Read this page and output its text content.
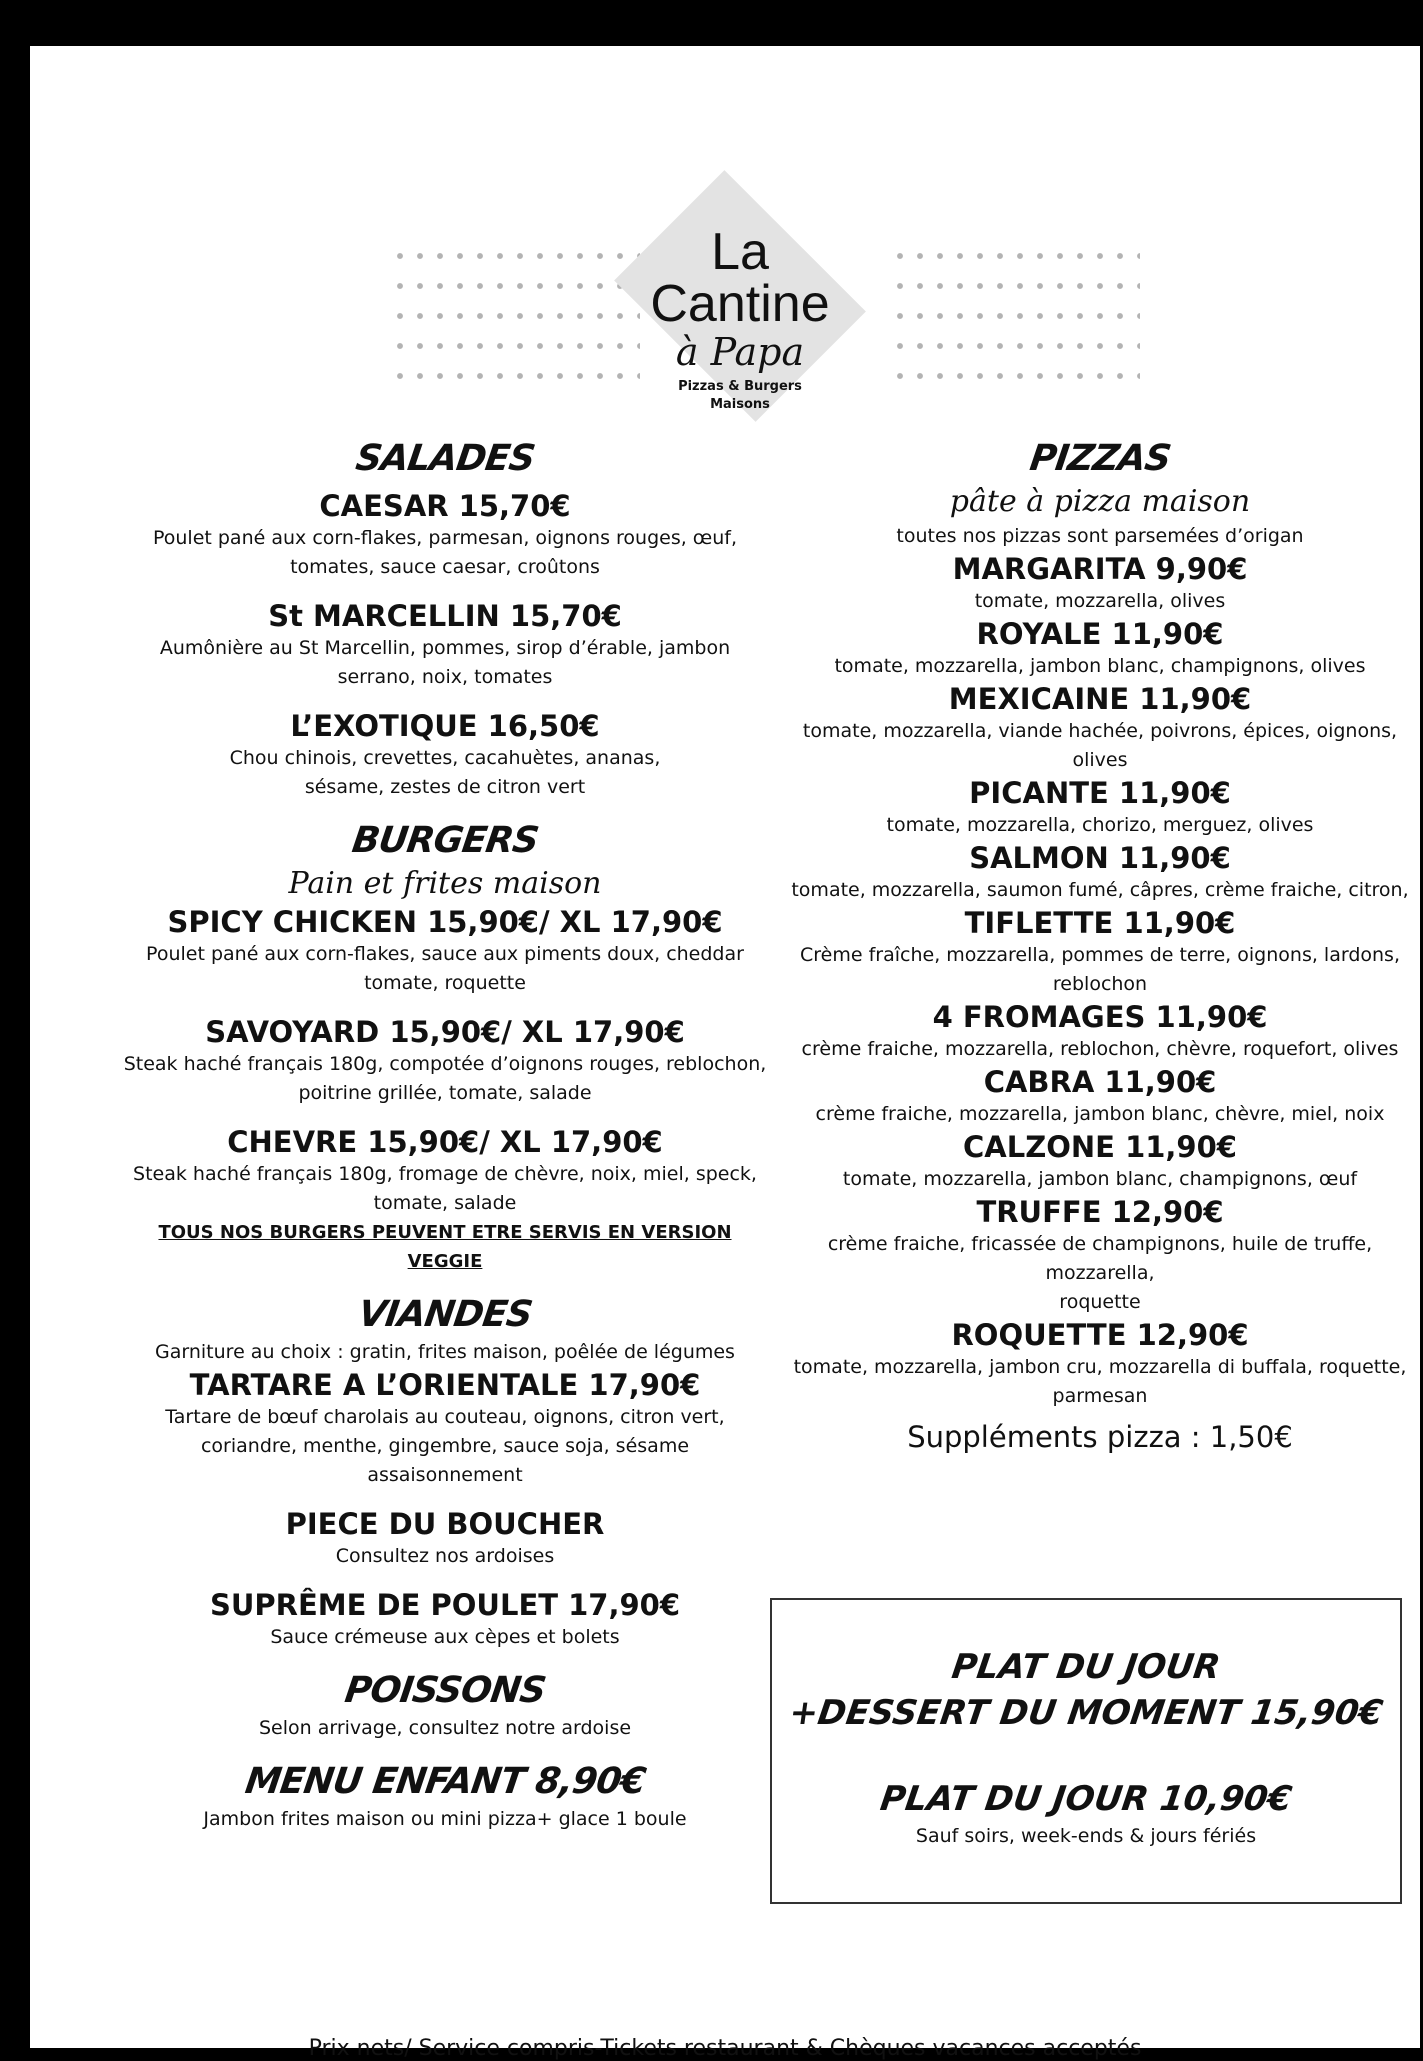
La
Cantine
à Papa
Pizzas & Burgers
Maisons

SALADES

CAESAR 15,70€

Poulet pané aux corn-flakes, parmesan, oignons rouges, œuf,

tomates, sauce caesar, croûtons

St MARCELLIN 15,70€

Aumônière au St Marcellin, pommes, sirop d’érable, jambon

serrano, noix, tomates

L’EXOTIQUE 16,50€

Chou chinois, crevettes, cacahuètes, ananas,

sésame, zestes de citron vert

BURGERS

Pain et frites maison

SPICY CHICKEN 15,90€/ XL 17,90€

Poulet pané aux corn-flakes, sauce aux piments doux, cheddar

tomate, roquette

SAVOYARD 15,90€/ XL 17,90€

Steak haché français 180g, compotée d’oignons rouges, reblochon,

poitrine grillée, tomate, salade

CHEVRE 15,90€/ XL 17,90€

Steak haché français 180g, fromage de chèvre, noix, miel, speck,

tomate, salade

TOUS NOS BURGERS PEUVENT ETRE SERVIS EN VERSION

VEGGIE

VIANDES

Garniture au choix : gratin, frites maison, poêlée de légumes

TARTARE A L’ORIENTALE 17,90€

Tartare de bœuf charolais au couteau, oignons, citron vert,

coriandre, menthe, gingembre, sauce soja, sésame

assaisonnement

PIECE DU BOUCHER

Consultez nos ardoises

SUPRÊME DE POULET 17,90€

Sauce crémeuse aux cèpes et bolets

POISSONS

Selon arrivage, consultez notre ardoise

MENU ENFANT 8,90€

Jambon frites maison ou mini pizza+ glace 1 boule

PIZZAS

pâte à pizza maison

toutes nos pizzas sont parsemées d’origan

MARGARITA 9,90€

tomate, mozzarella, olives

ROYALE 11,90€

tomate, mozzarella, jambon blanc, champignons, olives

MEXICAINE 11,90€

tomate, mozzarella, viande hachée, poivrons, épices, oignons,

olives

PICANTE 11,90€

tomate, mozzarella, chorizo, merguez, olives

SALMON 11,90€

tomate, mozzarella, saumon fumé, câpres, crème fraiche, citron,

TIFLETTE 11,90€

Crème fraîche, mozzarella, pommes de terre, oignons, lardons,

reblochon

4 FROMAGES 11,90€

crème fraiche, mozzarella, reblochon, chèvre, roquefort, olives

CABRA 11,90€

crème fraiche, mozzarella, jambon blanc, chèvre, miel, noix

CALZONE 11,90€

tomate, mozzarella, jambon blanc, champignons, œuf

TRUFFE 12,90€

crème fraiche, fricassée de champignons, huile de truffe, mozzarella,

roquette

ROQUETTE 12,90€

tomate, mozzarella, jambon cru, mozzarella di buffala, roquette,

parmesan

Suppléments pizza : 1,50€

PLAT DU JOUR

+DESSERT DU MOMENT 15,90€

PLAT DU JOUR 10,90€

Sauf soirs, week-ends & jours fériés

Prix nets/ Service compris-Tickets restaurant & Chèques vacances acceptés
